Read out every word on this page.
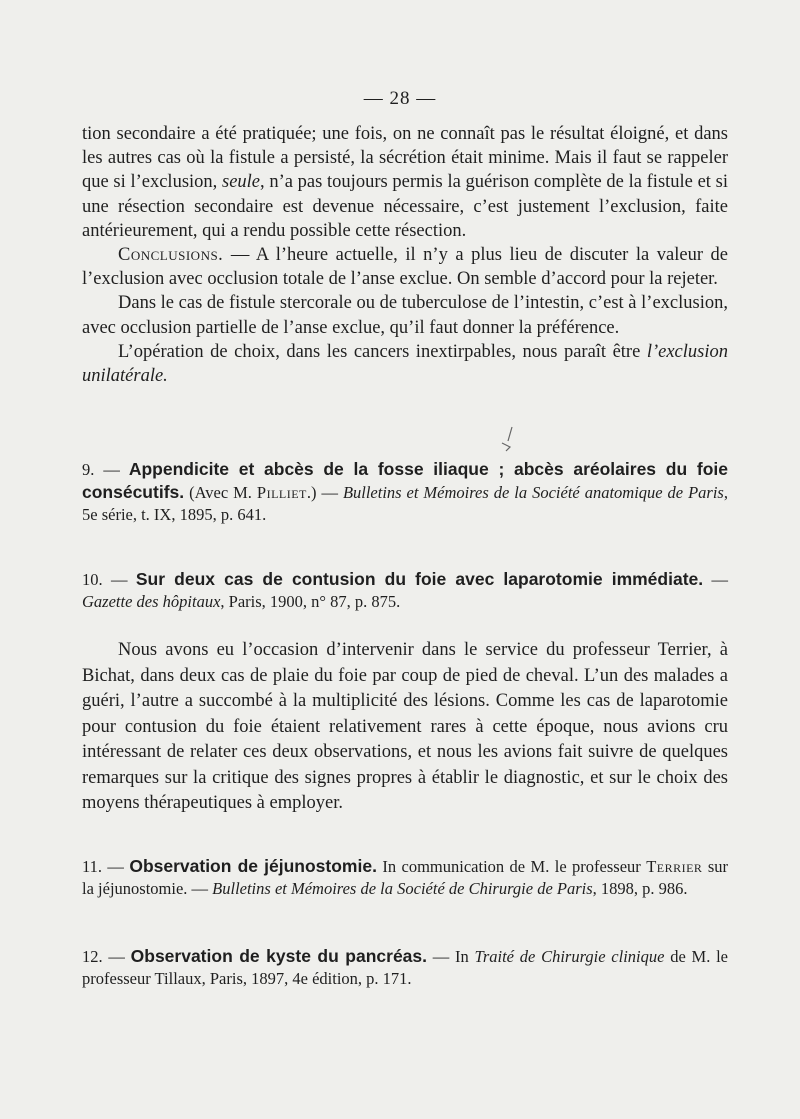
— 28 —

tion secondaire a été pratiquée; une fois, on ne connaît pas le résultat éloigné, et dans les autres cas où la fistule a persisté, la sécrétion était minime. Mais il faut se rappeler que si l’exclusion, seule, n’a pas toujours permis la guérison complète de la fistule et si une résection secondaire est devenue nécessaire, c’est justement l’exclusion, faite antérieurement, qui a rendu possible cette résection.

Conclusions. — A l’heure actuelle, il n’y a plus lieu de discuter la valeur de l’exclusion avec occlusion totale de l’anse exclue. On semble d’accord pour la rejeter.

Dans le cas de fistule stercorale ou de tuberculose de l’intestin, c’est à l’exclusion, avec occlusion partielle de l’anse exclue, qu’il faut donner la préférence.

L’opération de choix, dans les cancers inextirpables, nous paraît être l’exclusion unilatérale.

9. — Appendicite et abcès de la fosse iliaque ; abcès aréolaires du foie consécutifs. (Avec M. Pilliet.) — Bulletins et Mémoires de la Société anatomique de Paris, 5e série, t. IX, 1895, p. 641.

10. — Sur deux cas de contusion du foie avec laparotomie immédiate. — Gazette des hôpitaux, Paris, 1900, n° 87, p. 875.

Nous avons eu l’occasion d’intervenir dans le service du professeur Terrier, à Bichat, dans deux cas de plaie du foie par coup de pied de cheval. L’un des malades a guéri, l’autre a succombé à la multiplicité des lésions. Comme les cas de laparotomie pour contusion du foie étaient relativement rares à cette époque, nous avions cru intéressant de relater ces deux observations, et nous les avions fait suivre de quelques remarques sur la critique des signes propres à établir le diagnostic, et sur le choix des moyens thérapeutiques à employer.

11. — Observation de jéjunostomie. In communication de M. le professeur Terrier sur la jéjunostomie. — Bulletins et Mémoires de la Société de Chirurgie de Paris, 1898, p. 986.

12. — Observation de kyste du pancréas. — In Traité de Chirurgie clinique de M. le professeur Tillaux, Paris, 1897, 4e édition, p. 171.
